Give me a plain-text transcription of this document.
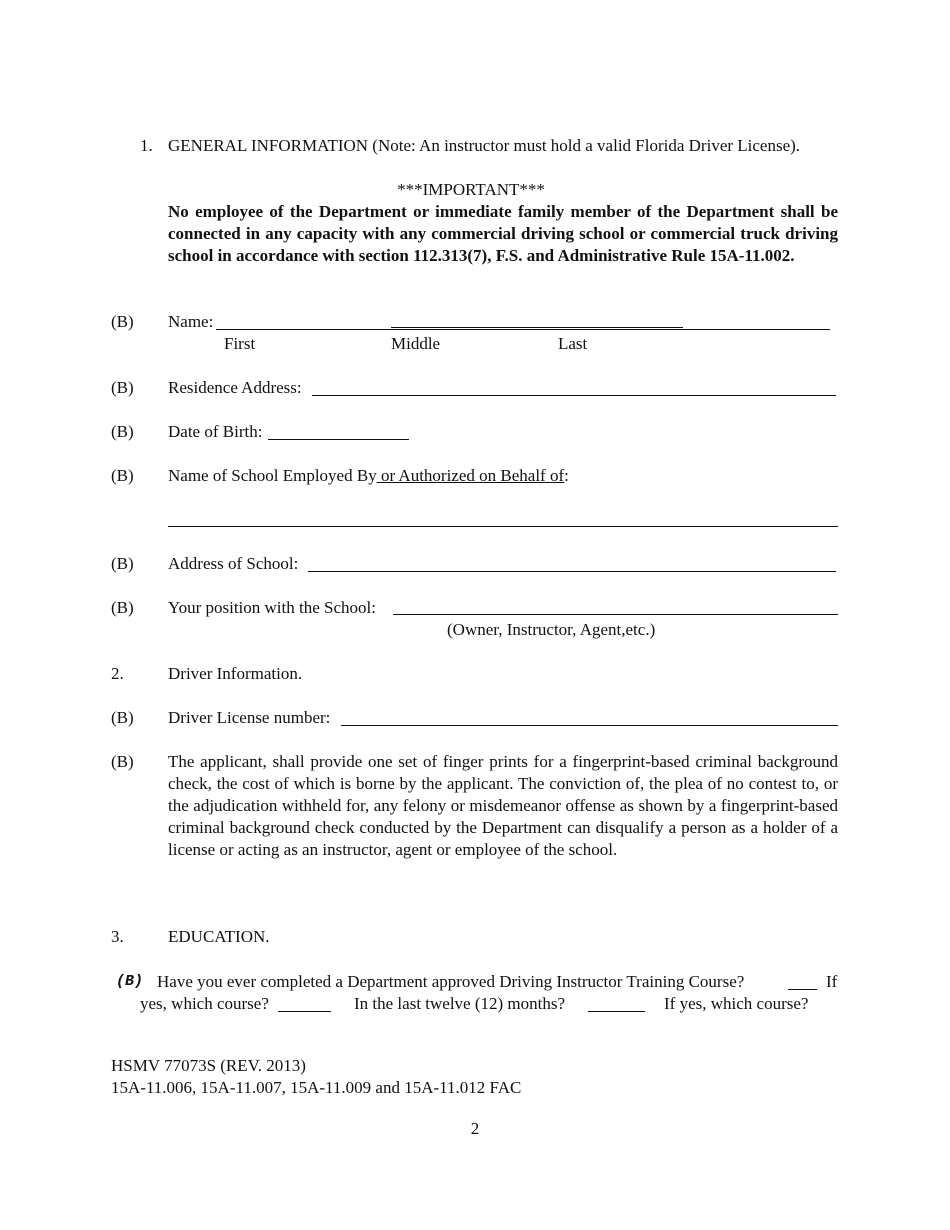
1. GENERAL INFORMATION (Note: An instructor must hold a valid Florida Driver License).
***IMPORTANT***
No employee of the Department or immediate family member of the Department shall be connected in any capacity with any commercial driving school or commercial truck driving school in accordance with section 112.313(7), F.S. and Administrative Rule 15A-11.002.
(B) Name:
First	Middle	Last
(B) Residence Address:
(B) Date of Birth:
(B) Name of School Employed By or Authorized on Behalf of:
(B) Address of School:
(B) Your position with the School:
(Owner, Instructor, Agent,etc.)
2.	Driver Information.
(B) Driver License number:
(B) The applicant, shall provide one set of finger prints for a fingerprint-based criminal background check, the cost of which is borne by the applicant. The conviction of, the plea of no contest to, or the adjudication withheld for, any felony or misdemeanor offense as shown by a fingerprint-based criminal background check conducted by the Department can disqualify a person as a holder of a license or acting as an instructor, agent or employee of the school.
3.	EDUCATION.
(B) Have you ever completed a Department approved Driving Instructor Training Course?	If
yes, which course?	In the last twelve (12) months?	If yes, which course?
HSMV 77073S (REV. 2013)
15A-11.006, 15A-11.007, 15A-11.009 and 15A-11.012 FAC
2
